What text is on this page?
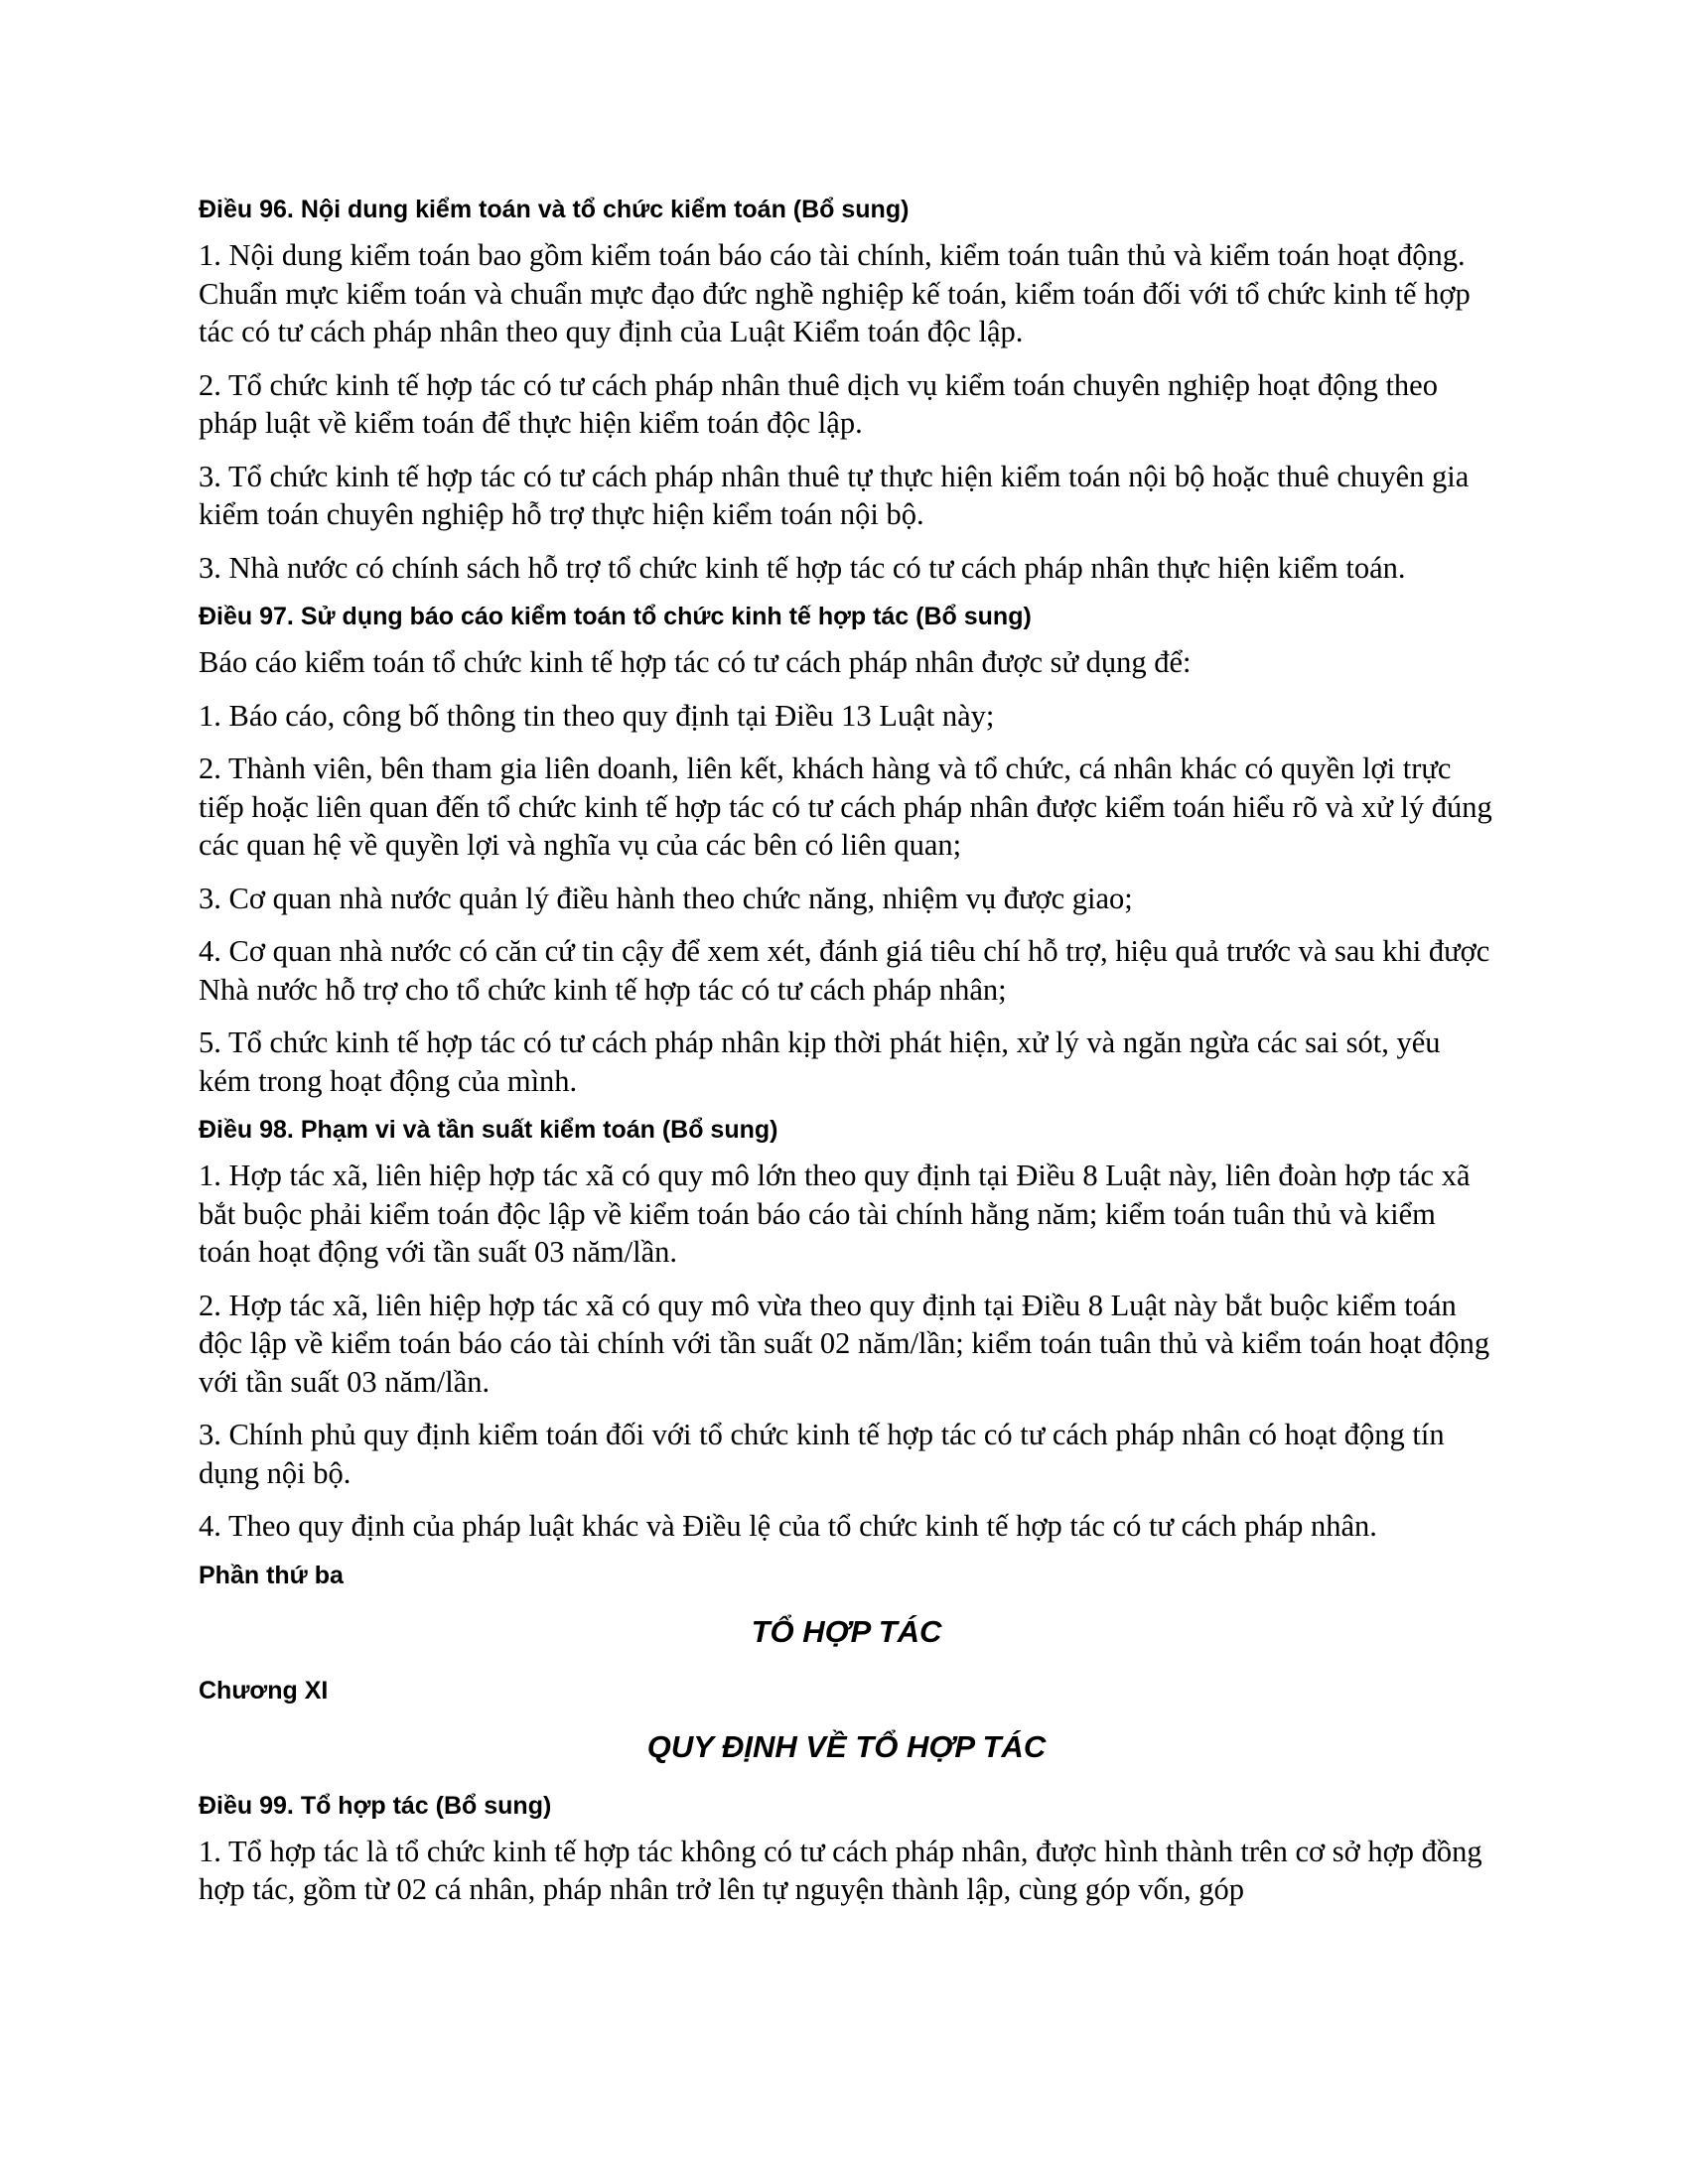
Điều 96. Nội dung kiểm toán và tổ chức kiểm toán (Bổ sung)

1. Nội dung kiểm toán bao gồm kiểm toán báo cáo tài chính, kiểm toán tuân thủ và kiểm toán hoạt động. Chuẩn mực kiểm toán và chuẩn mực đạo đức nghề nghiệp kế toán, kiểm toán đối với tổ chức kinh tế hợp tác có tư cách pháp nhân theo quy định của Luật Kiểm toán độc lập.

2. Tổ chức kinh tế hợp tác có tư cách pháp nhân thuê dịch vụ kiểm toán chuyên nghiệp hoạt động theo pháp luật về kiểm toán để thực hiện kiểm toán độc lập.

3. Tổ chức kinh tế hợp tác có tư cách pháp nhân thuê tự thực hiện kiểm toán nội bộ hoặc thuê chuyên gia kiểm toán chuyên nghiệp hỗ trợ thực hiện kiểm toán nội bộ.

3. Nhà nước có chính sách hỗ trợ tổ chức kinh tế hợp tác có tư cách pháp nhân thực hiện kiểm toán.

Điều 97. Sử dụng báo cáo kiểm toán tổ chức kinh tế hợp tác (Bổ sung)

Báo cáo kiểm toán tổ chức kinh tế hợp tác có tư cách pháp nhân được sử dụng để:

1. Báo cáo, công bố thông tin theo quy định tại Điều 13 Luật này;

2. Thành viên, bên tham gia liên doanh, liên kết, khách hàng và tổ chức, cá nhân khác có quyền lợi trực tiếp hoặc liên quan đến tổ chức kinh tế hợp tác có tư cách pháp nhân được kiểm toán hiểu rõ và xử lý đúng các quan hệ về quyền lợi và nghĩa vụ của các bên có liên quan;

3. Cơ quan nhà nước quản lý điều hành theo chức năng, nhiệm vụ được giao;

4. Cơ quan nhà nước có căn cứ tin cậy để xem xét, đánh giá tiêu chí hỗ trợ, hiệu quả trước và sau khi được Nhà nước hỗ trợ cho tổ chức kinh tế hợp tác có tư cách pháp nhân;

5. Tổ chức kinh tế hợp tác có tư cách pháp nhân kịp thời phát hiện, xử lý và ngăn ngừa các sai sót, yếu kém trong hoạt động của mình.

Điều 98. Phạm vi và tần suất kiểm toán (Bổ sung)

1. Hợp tác xã, liên hiệp hợp tác xã có quy mô lớn theo quy định tại Điều 8 Luật này, liên đoàn hợp tác xã bắt buộc phải kiểm toán độc lập về kiểm toán báo cáo tài chính hằng năm; kiểm toán tuân thủ và kiểm toán hoạt động với tần suất 03 năm/lần.

2. Hợp tác xã, liên hiệp hợp tác xã có quy mô vừa theo quy định tại Điều 8 Luật này bắt buộc kiểm toán độc lập về kiểm toán báo cáo tài chính với tần suất 02 năm/lần; kiểm toán tuân thủ và kiểm toán hoạt động với tần suất 03 năm/lần.

3. Chính phủ quy định kiểm toán đối với tổ chức kinh tế hợp tác có tư cách pháp nhân có hoạt động tín dụng nội bộ.

4. Theo quy định của pháp luật khác và Điều lệ của tổ chức kinh tế hợp tác có tư cách pháp nhân.

Phần thứ ba
TỔ HỢP TÁC
Chương XI
QUY ĐỊNH VỀ TỔ HỢP TÁC
Điều 99. Tổ hợp tác (Bổ sung)

1. Tổ hợp tác là tổ chức kinh tế hợp tác không có tư cách pháp nhân, được hình thành trên cơ sở hợp đồng hợp tác, gồm từ 02 cá nhân, pháp nhân trở lên tự nguyện thành lập, cùng góp vốn, góp
